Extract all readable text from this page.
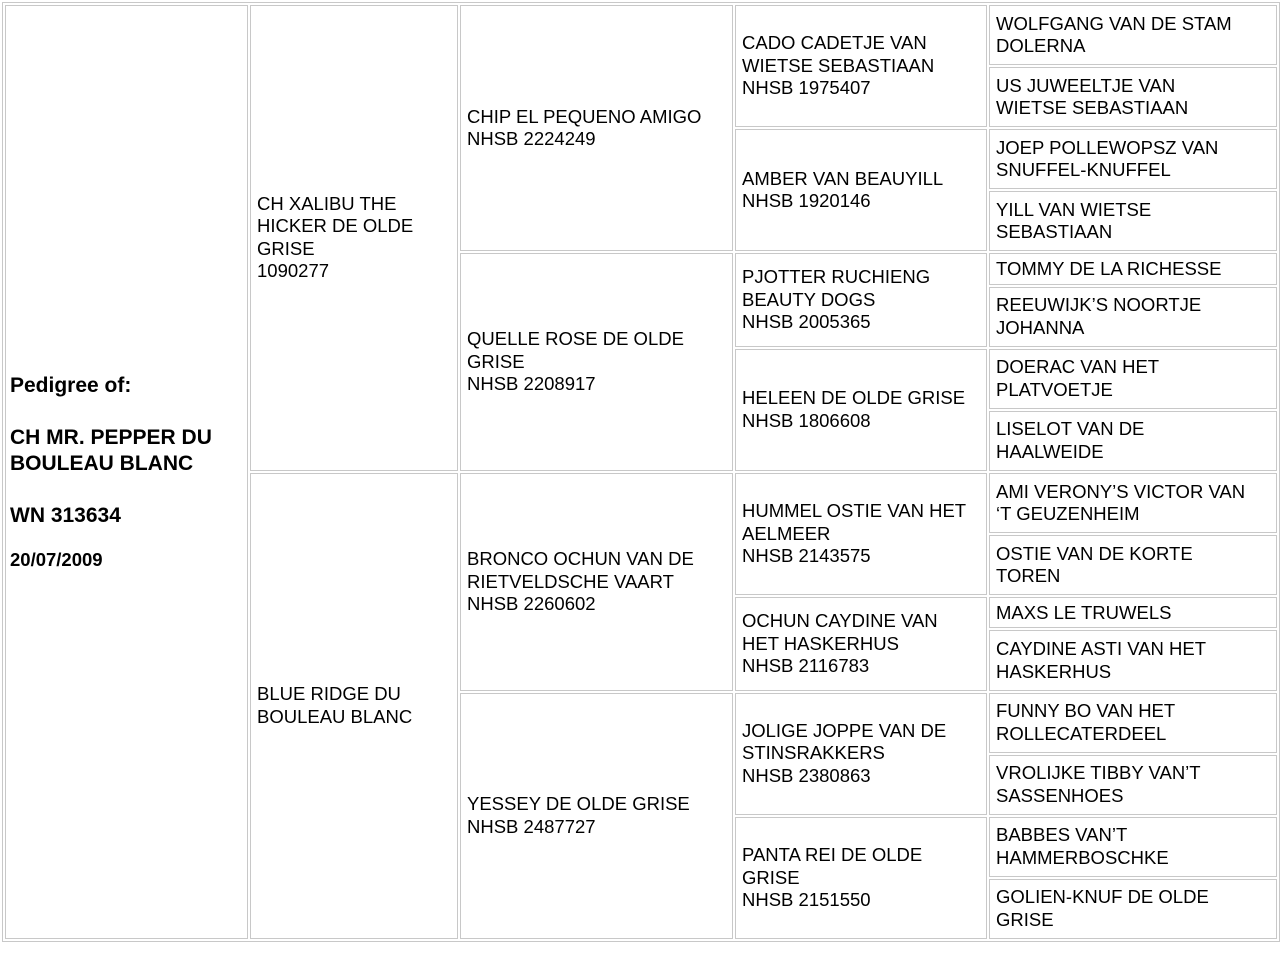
Pedigree of:
CH MR. PEPPER DU
BOULEAU BLANC
WN 313634
20/07/2009	CH XALIBU THE
HICKER DE OLDE
GRISE
1090277	CHIP EL PEQUENO AMIGO
NHSB 2224249	CADO CADETJE VAN
WIETSE SEBASTIAAN
NHSB 1975407	WOLFGANG VAN DE STAM
DOLERNA

				US JUWEELTJE VAN
WIETSE SEBASTIAAN

			AMBER VAN BEAUYILL
NHSB 1920146	JOEP POLLEWOPSZ VAN
SNUFFEL-KNUFFEL

				YILL VAN WIETSE
SEBASTIAAN

		QUELLE ROSE DE OLDE
GRISE
NHSB 2208917	PJOTTER RUCHIENG
BEAUTY DOGS
NHSB 2005365	TOMMY DE LA RICHESSE

				REEUWIJK’S NOORTJE
JOHANNA

			HELEEN DE OLDE GRISE
NHSB 1806608	DOERAC VAN HET
PLATVOETJE

				LISELOT VAN DE
HAALWEIDE

	BLUE RIDGE DU
BOULEAU BLANC	BRONCO OCHUN VAN DE
RIETVELDSCHE VAART
NHSB 2260602	HUMMEL OSTIE VAN HET
AELMEER
NHSB 2143575	AMI VERONY’S VICTOR VAN
‘T GEUZENHEIM

				OSTIE VAN DE KORTE
TOREN

			OCHUN CAYDINE VAN
HET HASKERHUS
NHSB 2116783	MAXS LE TRUWELS

				CAYDINE ASTI VAN HET
HASKERHUS

		YESSEY DE OLDE GRISE
NHSB 2487727	JOLIGE JOPPE VAN DE
STINSRAKKERS
NHSB 2380863	FUNNY BO VAN HET
ROLLECATERDEEL

				VROLIJKE TIBBY VAN’T
SASSENHOES

			PANTA REI DE OLDE
GRISE
NHSB 2151550	BABBES VAN’T
HAMMERBOSCHKE

				GOLIEN-KNUF DE OLDE
GRISE
